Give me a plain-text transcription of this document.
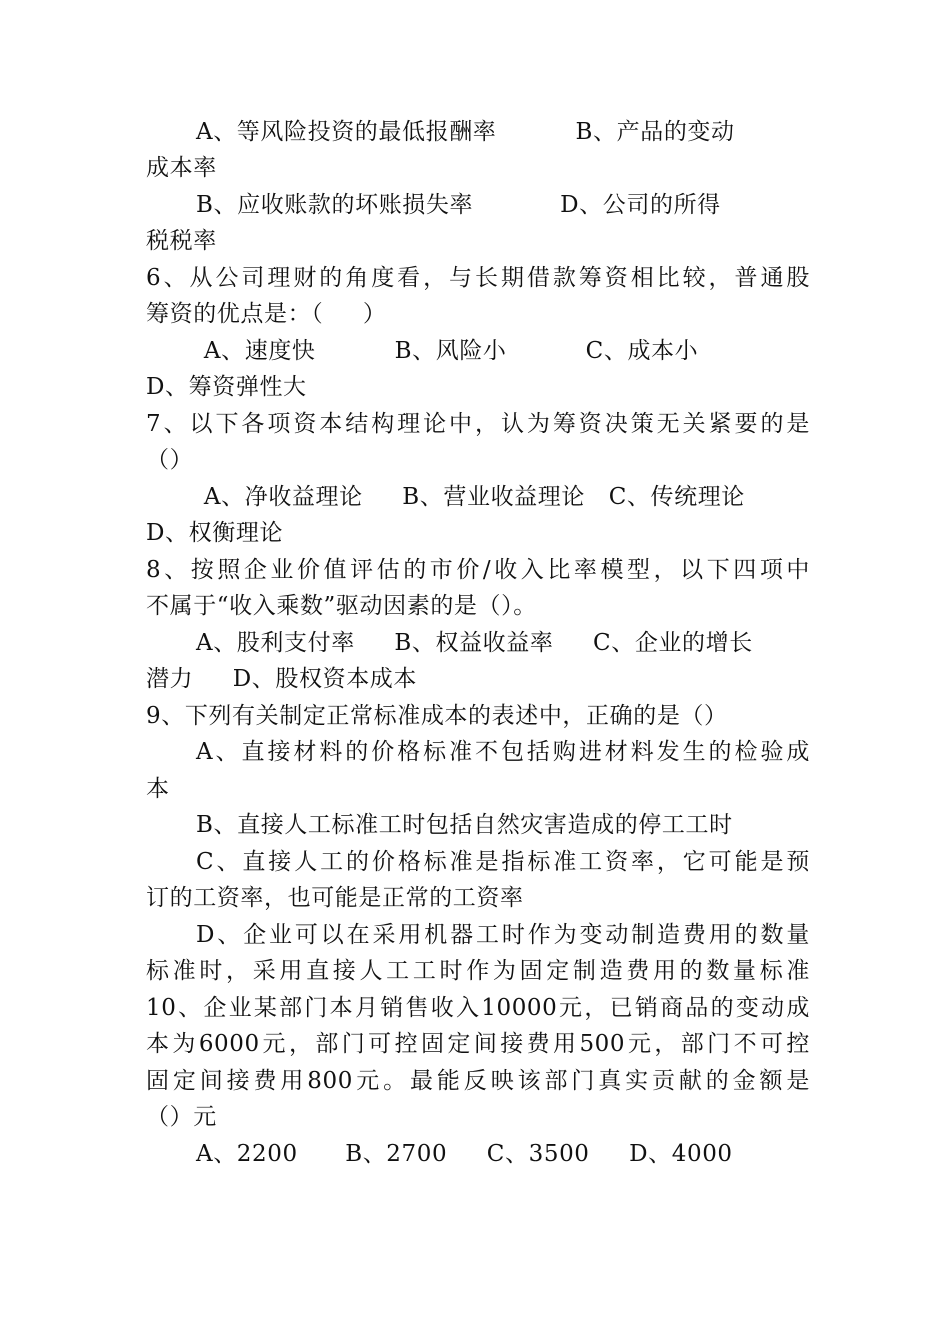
A、等风险投资的最低报酬率          B、产品的变动
成本率
B、应收账款的坏账损失率           D、公司的所得
税税率
6、从公司理财的角度看，与长期借款筹资相比较，普通股
筹资的优点是：（     ）
A、速度快          B、风险小          C、成本小
D、筹资弹性大
7、以下各项资本结构理论中，认为筹资决策无关紧要的是
（）
A、净收益理论     B、营业收益理论   C、传统理论
D、权衡理论
8、按照企业价值评估的市价/收入比率模型，以下四项中
不属于“收入乘数”驱动因素的是（）。
A、股利支付率     B、权益收益率     C、企业的增长
潜力     D、股权资本成本
9、下列有关制定正常标准成本的表述中，正确的是（）
A、直接材料的价格标准不包括购进材料发生的检验成
本
B、直接人工标准工时包括自然灾害造成的停工工时
C、直接人工的价格标准是指标准工资率，它可能是预
订的工资率，也可能是正常的工资率
D、企业可以在采用机器工时作为变动制造费用的数量
标准时，采用直接人工工时作为固定制造费用的数量标准
10、企业某部门本月销售收入10000元，已销商品的变动成
本为6000元，部门可控固定间接费用500元，部门不可控
固定间接费用800元。最能反映该部门真实贡献的金额是
（）元
A、2200      B、2700     C、3500     D、4000
